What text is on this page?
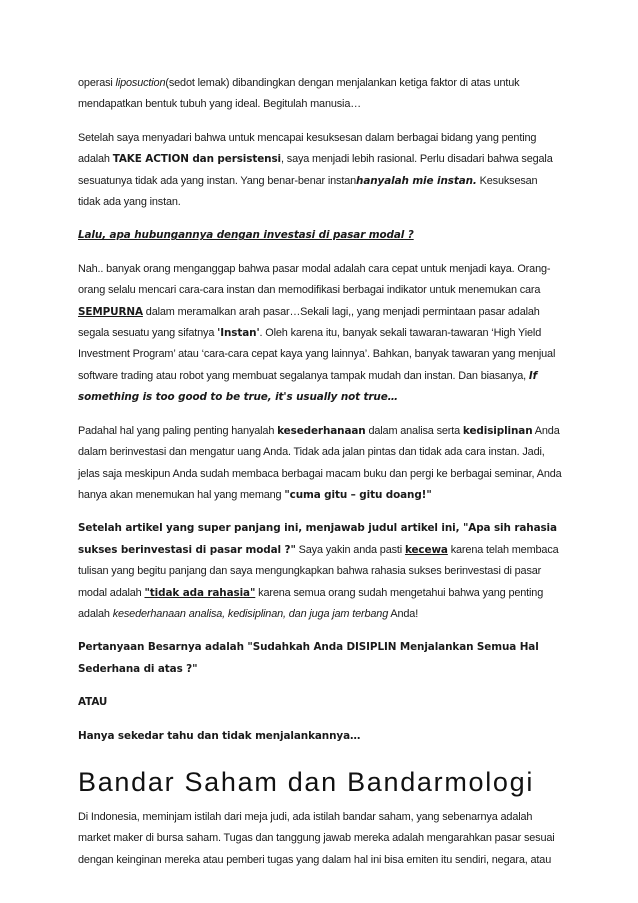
operasi liposuction(sedot lemak) dibandingkan dengan menjalankan ketiga faktor di atas untuk mendapatkan bentuk tubuh yang ideal. Begitulah manusia…

Setelah saya menyadari bahwa untuk mencapai kesuksesan dalam berbagai bidang yang penting adalah TAKE ACTION dan persistensi, saya menjadi lebih rasional. Perlu disadari bahwa segala sesuatunya tidak ada yang instan. Yang benar-benar instanhanyalah mie instan. Kesuksesan tidak ada yang instan.

Lalu, apa hubungannya dengan investasi di pasar modal ?

Nah.. banyak orang menganggap bahwa pasar modal adalah cara cepat untuk menjadi kaya. Orang-orang selalu mencari cara-cara instan dan memodifikasi berbagai indikator untuk menemukan cara SEMPURNA dalam meramalkan arah pasar…Sekali lagi,, yang menjadi permintaan pasar adalah segala sesuatu yang sifatnya 'Instan'. Oleh karena itu, banyak sekali tawaran-tawaran ‘High Yield Investment Program’ atau ‘cara-cara cepat kaya yang lainnya’. Bahkan, banyak tawaran yang menjual software trading atau robot yang membuat segalanya tampak mudah dan instan. Dan biasanya, If something is too good to be true, it's usually not true…

Padahal hal yang paling penting hanyalah kesederhanaan dalam analisa serta kedisiplinan Anda dalam berinvestasi dan mengatur uang Anda. Tidak ada jalan pintas dan tidak ada cara instan. Jadi, jelas saja meskipun Anda sudah membaca berbagai macam buku dan pergi ke berbagai seminar, Anda hanya akan menemukan hal yang memang "cuma gitu – gitu doang!"

Setelah artikel yang super panjang ini, menjawab judul artikel ini, "Apa sih rahasia sukses berinvestasi di pasar modal ?" Saya yakin anda pasti kecewa karena telah membaca tulisan yang begitu panjang dan saya mengungkapkan bahwa rahasia sukses berinvestasi di pasar modal adalah "tidak ada rahasia" karena semua orang sudah mengetahui bahwa yang penting adalah kesederhanaan analisa, kedisiplinan, dan juga jam terbang Anda!

Pertanyaan Besarnya adalah "Sudahkah Anda DISIPLIN Menjalankan Semua Hal Sederhana di atas ?"

ATAU

Hanya sekedar tahu dan tidak menjalankannya…

Bandar Saham dan Bandarmologi

Di Indonesia, meminjam istilah dari meja judi, ada istilah bandar saham, yang sebenarnya adalah market maker di bursa saham. Tugas dan tanggung jawab mereka adalah mengarahkan pasar sesuai dengan keinginan mereka atau pemberi tugas yang dalam hal ini bisa emiten itu sendiri, negara, atau
